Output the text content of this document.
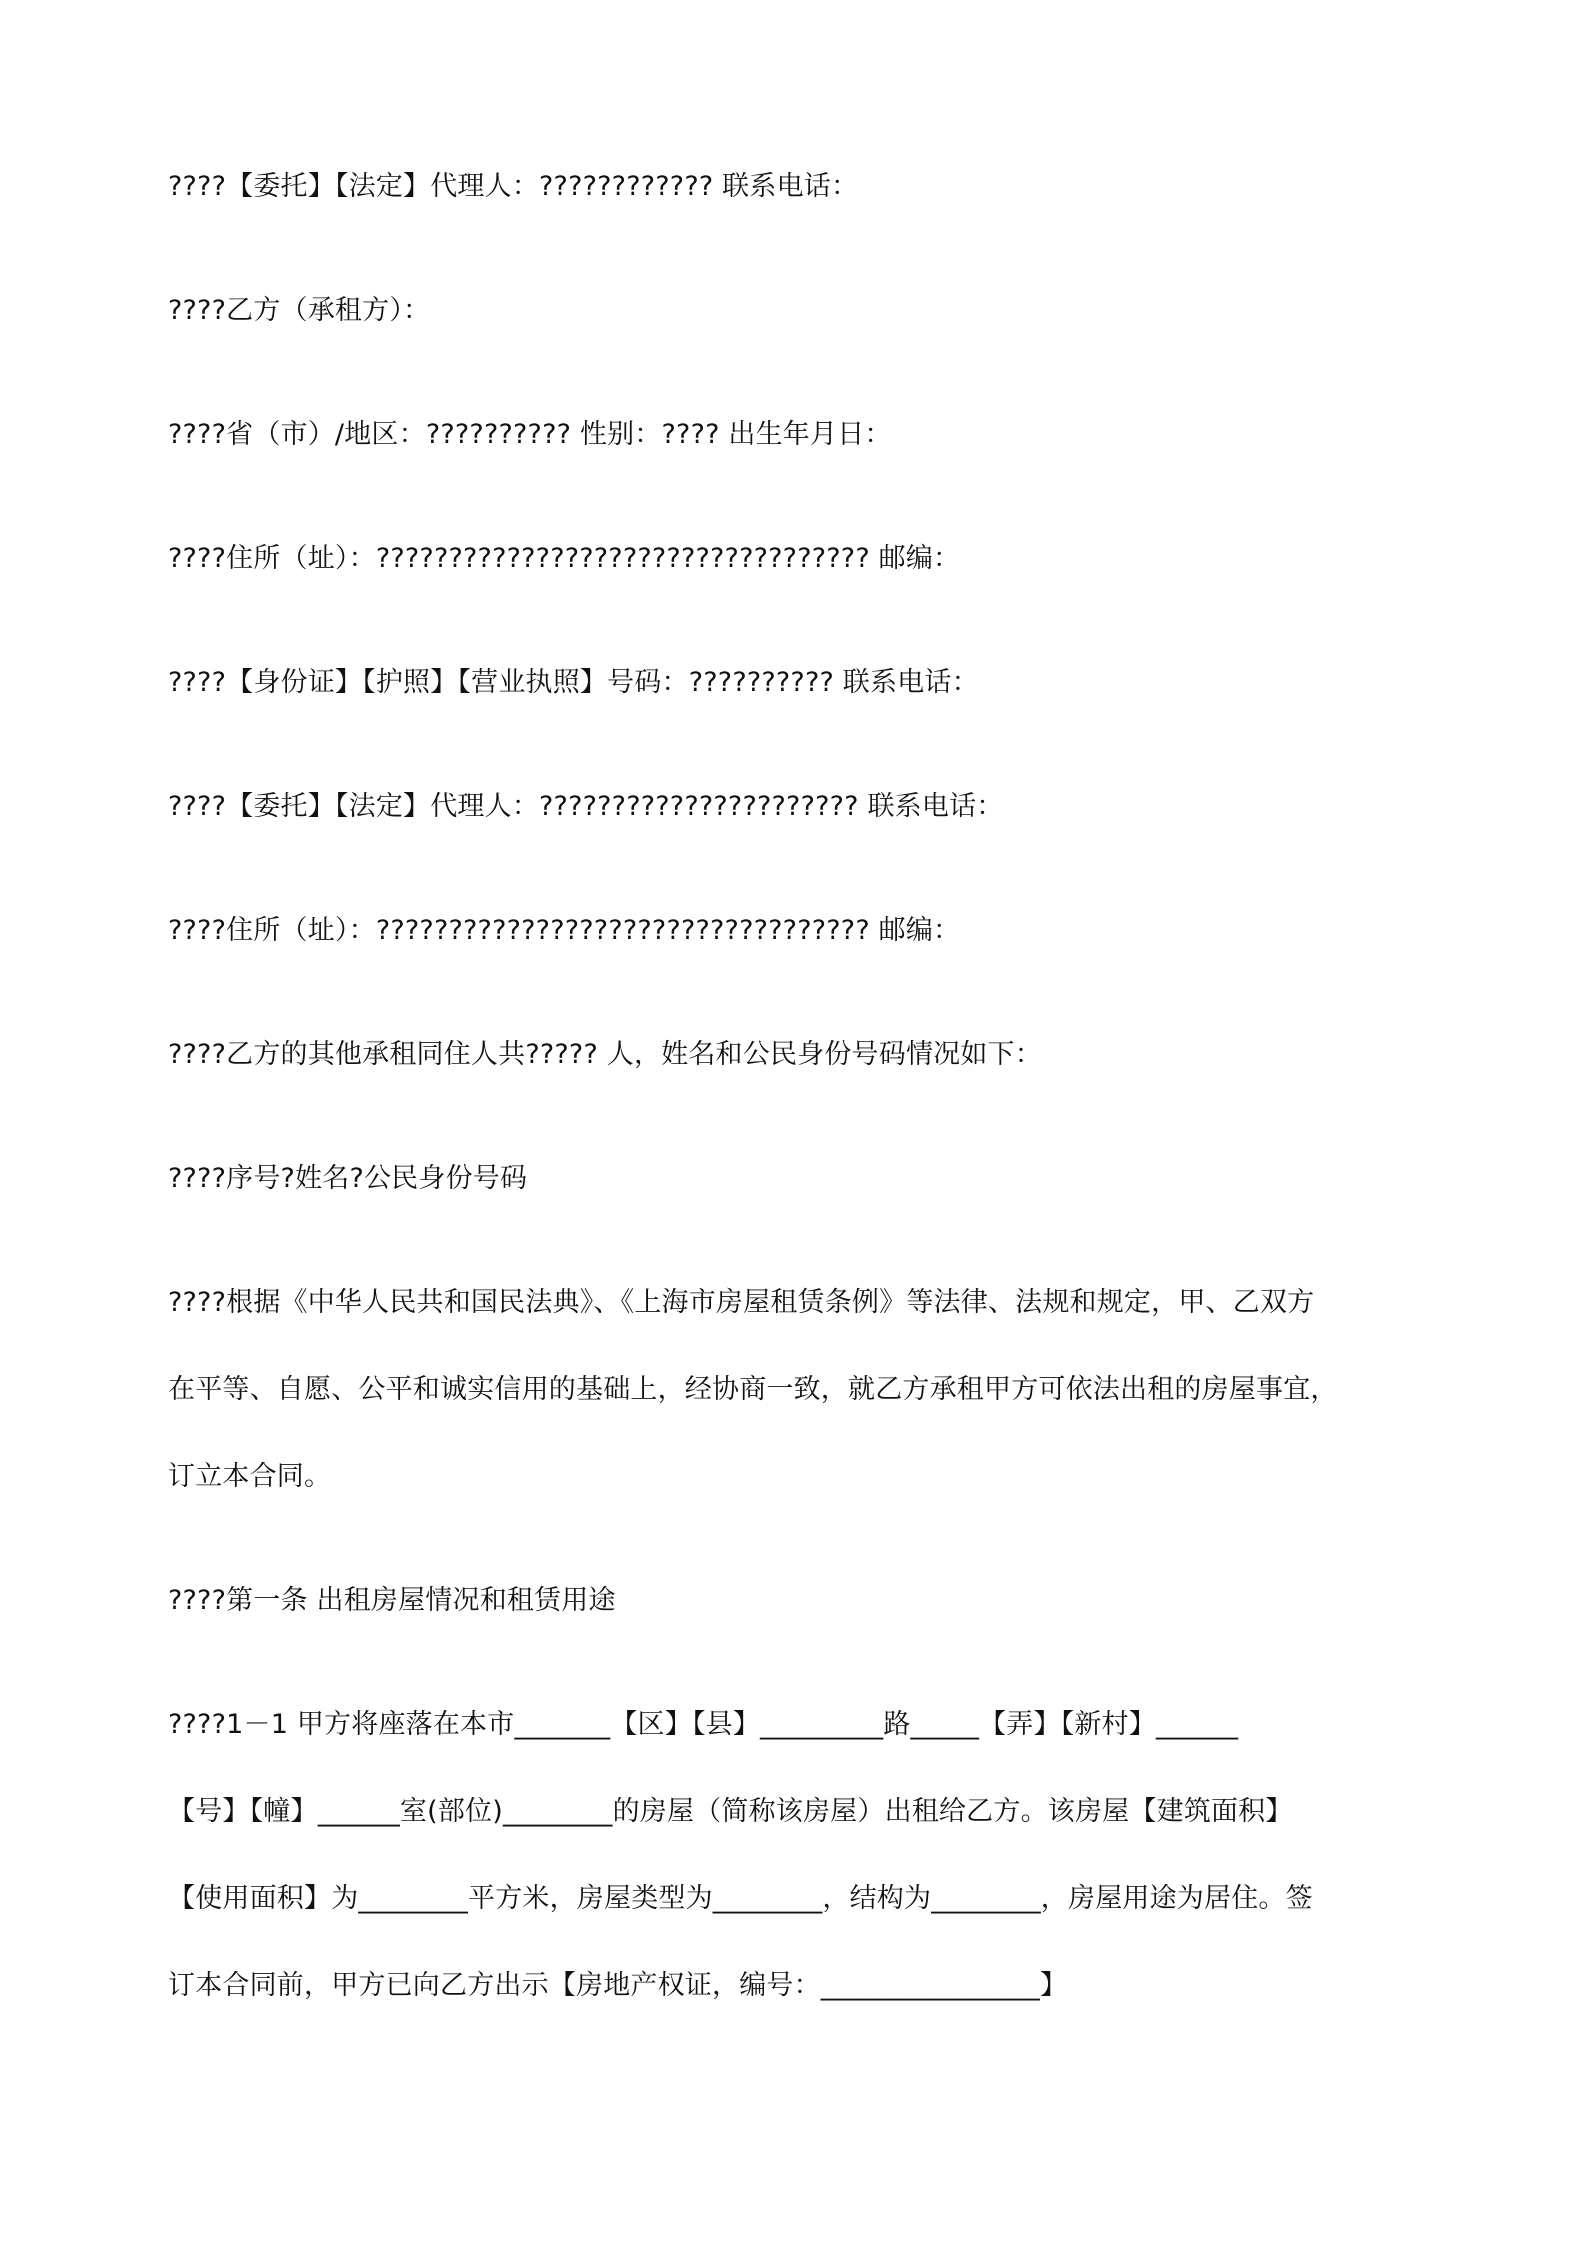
????【委托】【法定】代理人：???????????? 联系电话：
????乙方（承租方）：
????省（市）/地区：?????????? 性别：???? 出生年月日：
????住所（址）：?????????????????????????????????? 邮编：
????【身份证】【护照】【营业执照】号码：?????????? 联系电话：
????【委托】【法定】代理人：?????????????????????? 联系电话：
????住所（址）：?????????????????????????????????? 邮编：
????乙方的其他承租同住人共????? 人，姓名和公民身份号码情况如下：
????序号?姓名?公民身份号码
????根据《中华人民共和国民法典》、《上海市房屋租赁条例》等法律、法规和规定，甲、乙双方
在平等、自愿、公平和诚实信用的基础上，经协商一致，就乙方承租甲方可依法出租的房屋事宜，
订立本合同。
????第一条 出租房屋情况和租赁用途
????1－1 甲方将座落在本市_______【区】【县】_________路_____【弄】【新村】______
【号】【幢】______室(部位)________的房屋（简称该房屋）出租给乙方。该房屋【建筑面积】
【使用面积】为________平方米，房屋类型为________，结构为________，房屋用途为居住。签
订本合同前，甲方已向乙方出示【房地产权证，编号：________________】
